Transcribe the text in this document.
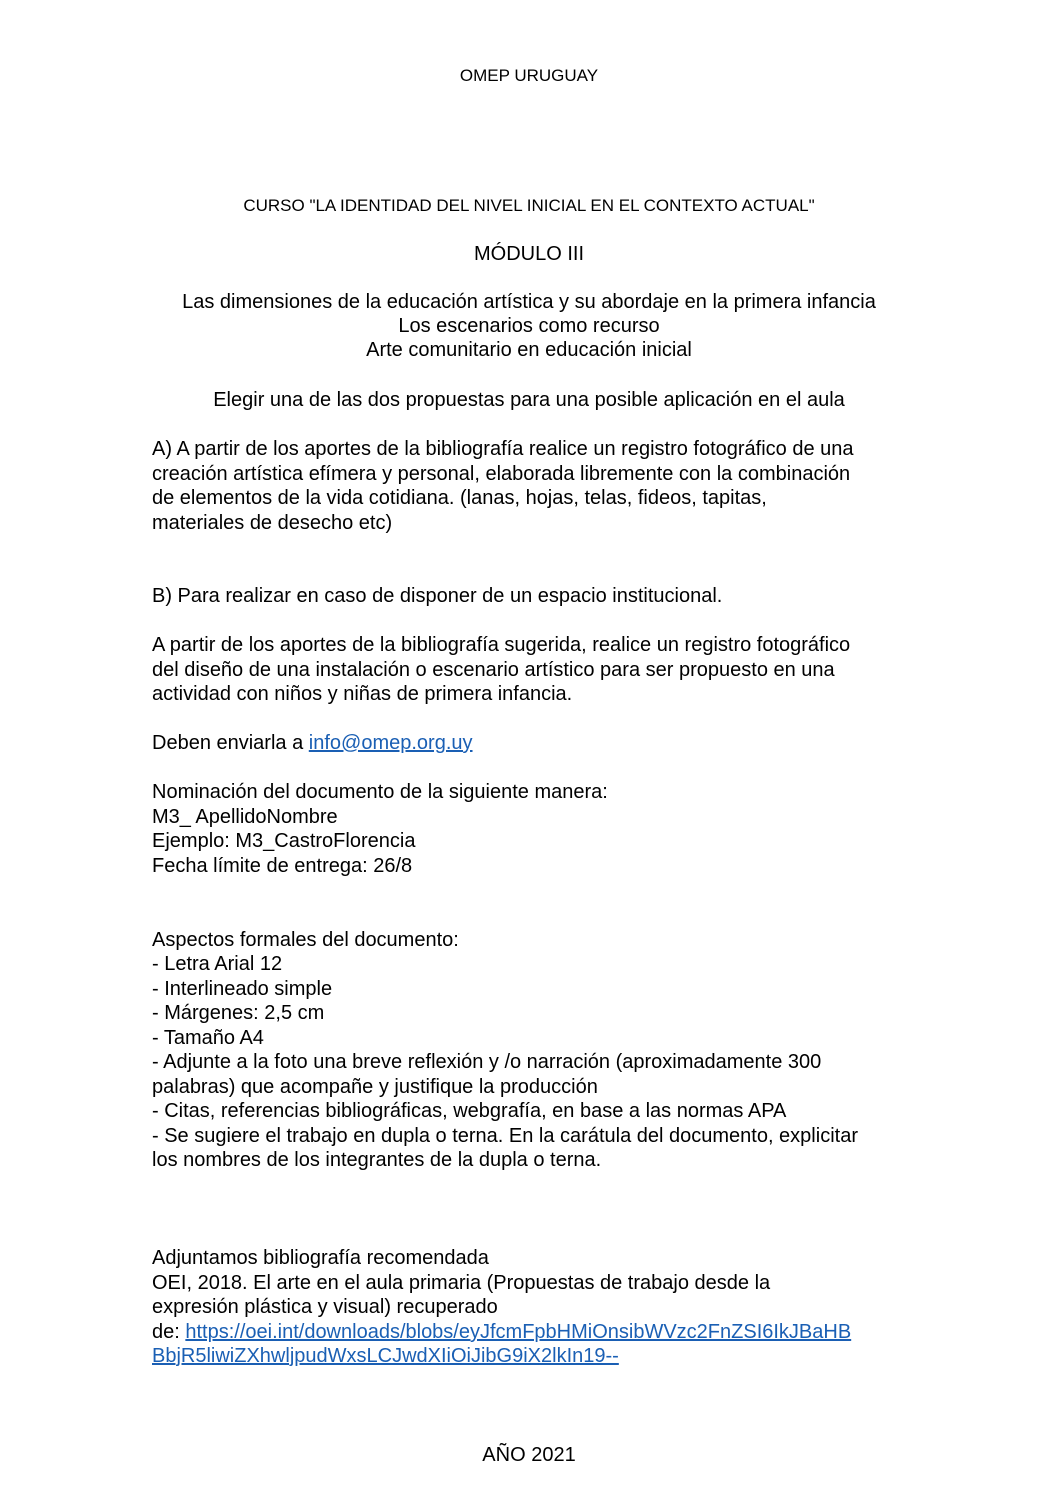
OMEP URUGUAY
CURSO "LA IDENTIDAD DEL NIVEL INICIAL EN EL CONTEXTO ACTUAL"
MÓDULO III
Las dimensiones de la educación artística y su abordaje en la primera infancia
Los escenarios como recurso
Arte comunitario en educación inicial
Elegir una de las dos propuestas para una posible aplicación en el aula
A) A partir de los aportes de la bibliografía realice un registro fotográfico de una
creación artística efímera y personal, elaborada libremente con la combinación
de elementos de la vida cotidiana. (lanas, hojas, telas, fideos, tapitas,
materiales de desecho etc)
B) Para realizar en caso de disponer de un espacio institucional.
A partir de los aportes de la bibliografía sugerida, realice un registro fotográfico
del diseño de una instalación o escenario artístico para ser propuesto en una
actividad con niños y niñas de primera infancia.
Deben enviarla a info@omep.org.uy
Nominación del documento de la siguiente manera:
M3_ ApellidoNombre
Ejemplo: M3_CastroFlorencia
Fecha límite de entrega: 26/8
Aspectos formales del documento:
- Letra Arial 12
- Interlineado simple
- Márgenes: 2,5 cm
- Tamaño A4
- Adjunte a la foto una breve reflexión y /o narración (aproximadamente 300
palabras) que acompañe y justifique la producción
- Citas, referencias bibliográficas, webgrafía, en base a las normas APA
- Se sugiere el trabajo en dupla o terna. En la carátula del documento, explicitar
los nombres de los integrantes de la dupla o terna.
Adjuntamos bibliografía recomendada
OEI, 2018. El arte en el aula primaria (Propuestas de trabajo desde la
expresión plástica y visual) recuperado
de: https://oei.int/downloads/blobs/eyJfcmFpbHMiOnsibWVzc2FnZSI6IkJBaHB
BbjR5liwiZXhwljpudWxsLCJwdXIiOiJibG9iX2lkIn19--
AÑO 2021
